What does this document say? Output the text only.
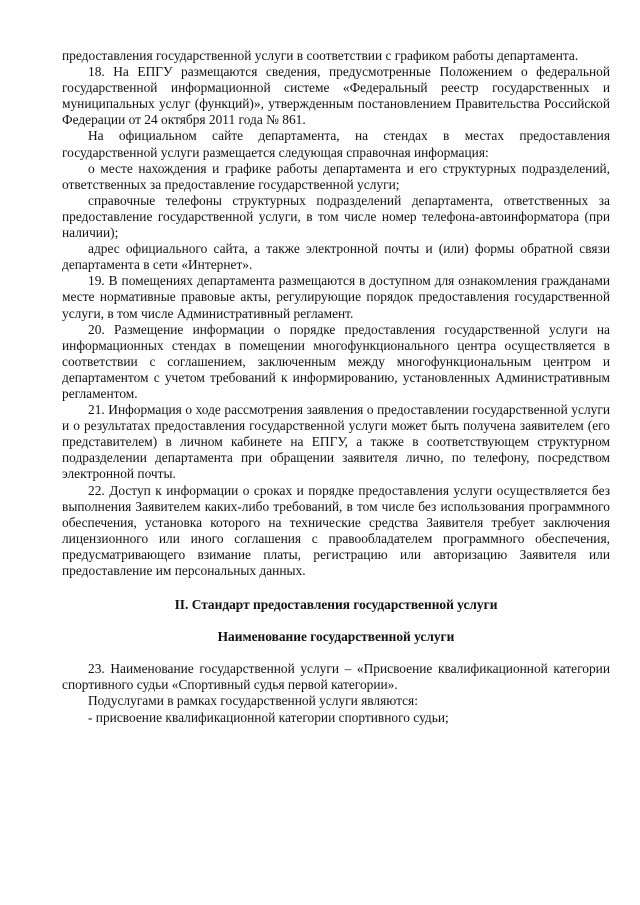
предоставления государственной услуги в соответствии с графиком работы департамента.

18. На ЕПГУ размещаются сведения, предусмотренные Положением о федеральной государственной информационной системе «Федеральный реестр государственных и муниципальных услуг (функций)», утвержденным постановлением Правительства Российской Федерации от 24 октября 2011 года № 861.

На официальном сайте департамента, на стендах в местах предоставления государственной услуги размещается следующая справочная информация:

о месте нахождения и графике работы департамента и его структурных подразделений, ответственных за предоставление государственной услуги;

справочные телефоны структурных подразделений департамента, ответственных за предоставление государственной услуги, в том числе номер телефона-автоинформатора (при наличии);

адрес официального сайта, а также электронной почты и (или) формы обратной связи департамента в сети «Интернет».

19. В помещениях департамента размещаются в доступном для ознакомления гражданами месте нормативные правовые акты, регулирующие порядок предоставления государственной услуги, в том числе Административный регламент.

20. Размещение информации о порядке предоставления государственной услуги на информационных стендах в помещении многофункционального центра осуществляется в соответствии с соглашением, заключенным между многофункциональным центром и департаментом с учетом требований к информированию, установленных Административным регламентом.

21. Информация о ходе рассмотрения заявления о предоставлении государственной услуги и о результатах предоставления государственной услуги может быть получена заявителем (его представителем) в личном кабинете на ЕПГУ, а также в соответствующем структурном подразделении департамента при обращении заявителя лично, по телефону, посредством электронной почты.

22. Доступ к информации о сроках и порядке предоставления услуги осуществляется без выполнения Заявителем каких-либо требований, в том числе без использования программного обеспечения, установка которого на технические средства Заявителя требует заключения лицензионного или иного соглашения с правообладателем программного обеспечения, предусматривающего взимание платы, регистрацию или авторизацию Заявителя или предоставление им персональных данных.

II. Стандарт предоставления государственной услуги

Наименование государственной услуги

23. Наименование государственной услуги – «Присвоение квалификационной категории спортивного судьи «Спортивный судья первой категории».

Подуслугами в рамках государственной услуги являются:

- присвоение квалификационной категории спортивного судьи;
